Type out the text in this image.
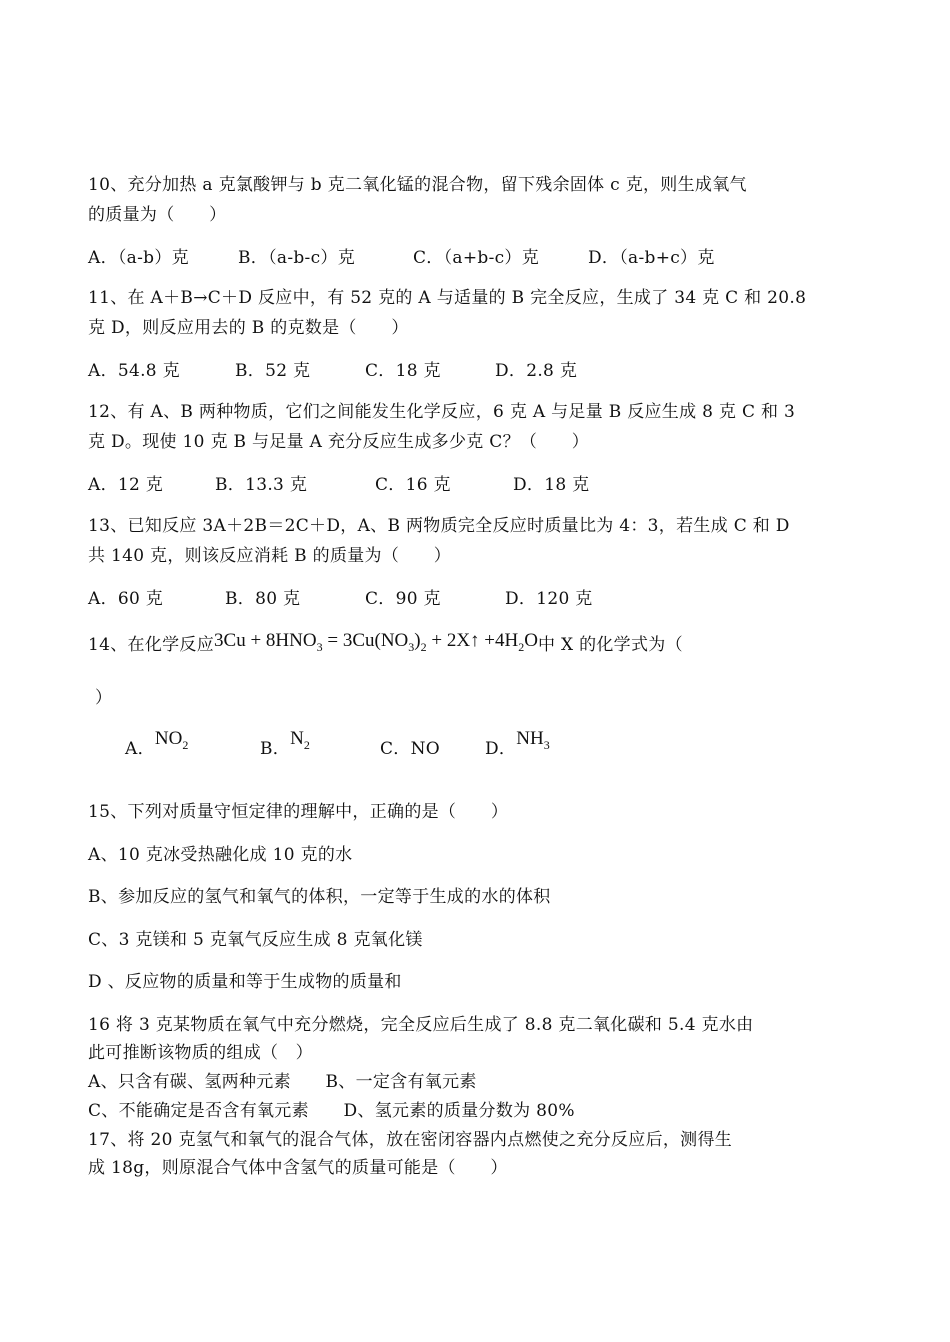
10、充分加热 a 克氯酸钾与 b 克二氧化锰的混合物，留下残余固体 c 克，则生成氧气
的质量为（　　）
A．（a-b）克	B．（a-b-c）克	C．（a+b-c）克	D．（a-b+c）克
11、在 A＋B→C＋D 反应中，有 52 克的 A 与适量的 B 完全反应，生成了 34 克 C 和 20.8
克 D，则反应用去的 B 的克数是（　　）
A．54.8 克	B．52 克	C．18 克	D．2.8 克
12、有 A、B 两种物质，它们之间能发生化学反应，6 克 A 与足量 B 反应生成 8 克 C 和 3
克 D。现使 10 克 B 与足量 A 充分反应生成多少克 C？（　　）
A．12 克	B．13.3 克	C．16 克	D．18 克
13、已知反应 3A＋2B＝2C＋D，A、B 两物质完全反应时质量比为 4：3，若生成 C 和 D
共 140 克，则该反应消耗 B 的质量为（　　）
A．60 克	B．80 克	C．90 克	D．120 克
14、在化学反应$3Cu + 8HNO_3 = 3Cu(NO_3)_2$ + 2X↑ $+4H_2O$中 X 的化学式为（
）
A．$NO_2$	B．$N_2$	C．NO	D．$NH_3$
15、下列对质量守恒定律的理解中，正确的是（　　）
A、10 克冰受热融化成 10 克的水
B、参加反应的氢气和氧气的体积，一定等于生成的水的体积
C、3 克镁和 5 克氧气反应生成 8 克氧化镁
D 、反应物的质量和等于生成物的质量和
16 将 3 克某物质在氧气中充分燃烧，完全反应后生成了 8.8 克二氧化碳和 5.4 克水由
此可推断该物质的组成（　）
A、只含有碳、氢两种元素　　B、一定含有氧元素
C、不能确定是否含有氧元素　　D、氢元素的质量分数为 80%
17、将 20 克氢气和氧气的混合气体，放在密闭容器内点燃使之充分反应后，测得生
成 18g，则原混合气体中含氢气的质量可能是（　　）
